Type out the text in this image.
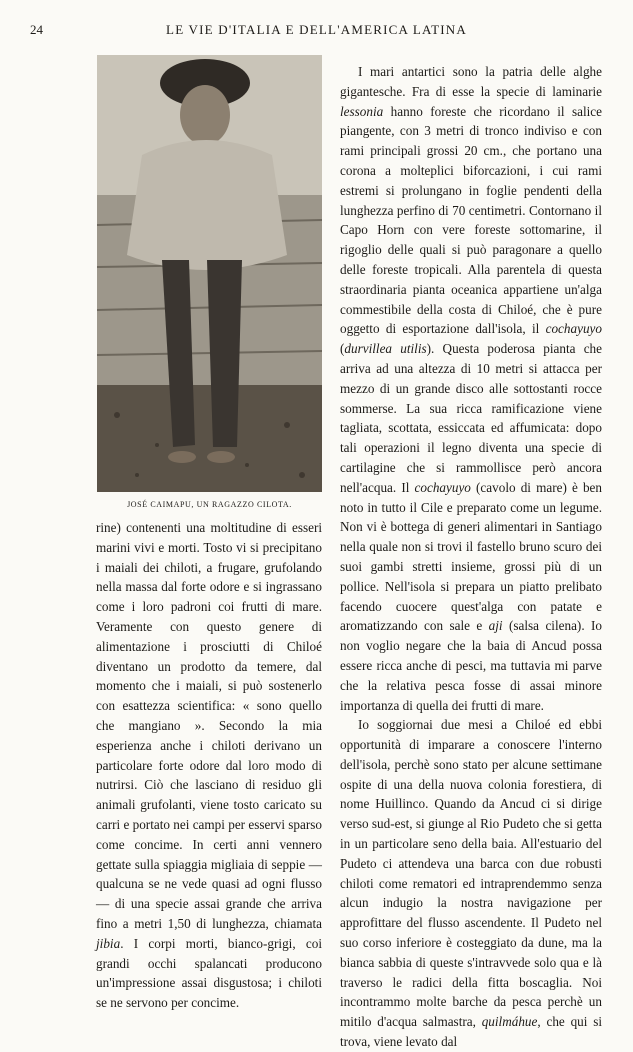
24	LE VIE D'ITALIA E DELL'AMERICA LATINA
JOSÉ CAIMAPU, UN RAGAZZO CILOTA.

rine) contenenti una moltitudine di esseri marini vivi e morti. Tosto vi si precipitano i maiali dei chiloti, a frugare, grufolando nella massa dal forte odore e si ingrassano come i loro padroni coi frutti di mare. Veramente con questo genere di alimentazione i prosciutti di Chiloé diventano un prodotto da temere, dal momento che i maiali, si può sostenerlo con esattezza scientifica: « sono quello che mangiano ». Secondo la mia esperienza anche i chiloti derivano un particolare forte odore dal loro modo di nutrirsi. Ciò che lasciano di residuo gli animali grufolanti, viene tosto caricato su carri e portato nei campi per esservi sparso come concime. In certi anni vennero gettate sulla spiaggia migliaia di seppie — qualcuna se ne vede quasi ad ogni flusso — di una specie assai grande che arriva fino a metri 1,50 di lunghezza, chiamata jibia. I corpi morti, bianco-grigi, coi grandi occhi spalancati producono un'impressione assai disgustosa; i chiloti se ne servono per concime.

I mari antartici sono la patria delle alghe gigantesche. Fra di esse la specie di laminarie lessonia hanno foreste che ricordano il salice piangente, con 3 metri di tronco indiviso e con rami principali grossi 20 cm., che portano una corona a molteplici biforcazioni, i cui rami estremi si prolungano in foglie pendenti della lunghezza perfino di 70 centimetri. Contornano il Capo Horn con vere foreste sottomarine, il rigoglio delle quali si può paragonare a quello delle foreste tropicali. Alla parentela di questa straordinaria pianta oceanica appartiene un'alga commestibile della costa di Chiloé, che è pure oggetto di esportazione dall'isola, il cochayuyo (durvillea utilis). Questa poderosa pianta che arriva ad una altezza di 10 metri si attacca per mezzo di un grande disco alle sottostanti rocce sommerse. La sua ricca ramificazione viene tagliata, scottata, essiccata ed affumicata: dopo tali operazioni il legno diventa una specie di cartilagine che si rammollisce però ancora nell'acqua. Il cochayuyo (cavolo di mare) è ben noto in tutto il Cile e preparato come un legume. Non vi è bottega di generi alimentari in Santiago nella quale non si trovi il fastello bruno scuro dei suoi gambi stretti insieme, grossi più di un pollice. Nell'isola si prepara un piatto prelibato facendo cuocere quest'alga con patate e aromatizzando con sale e aji (salsa cilena). Io non voglio negare che la baia di Ancud possa essere ricca anche di pesci, ma tuttavia mi parve che la relativa pesca fosse di assai minore importanza di quella dei frutti di mare.

Io soggiornai due mesi a Chiloé ed ebbi opportunità di imparare a conoscere l'interno dell'isola, perchè sono stato per alcune settimane ospite di una della nuova colonia forestiera, di nome Huillinco. Quando da Ancud ci si dirige verso sud-est, si giunge al Rio Pudeto che si getta in un particolare seno della baia. All'estuario del Pudeto ci attendeva una barca con due robusti chiloti come rematori ed intraprendemmo senza alcun indugio la nostra navigazione per approfittare del flusso ascendente. Il Pudeto nel suo corso inferiore è costeggiato da dune, ma la bianca sabbia di queste s'intravvede solo qua e là traverso le radici della fitta boscaglia. Noi incontrammo molte barche da pesca perchè un mitilo d'acqua salmastra, quilmáhue, che qui si trova, viene levato dal
